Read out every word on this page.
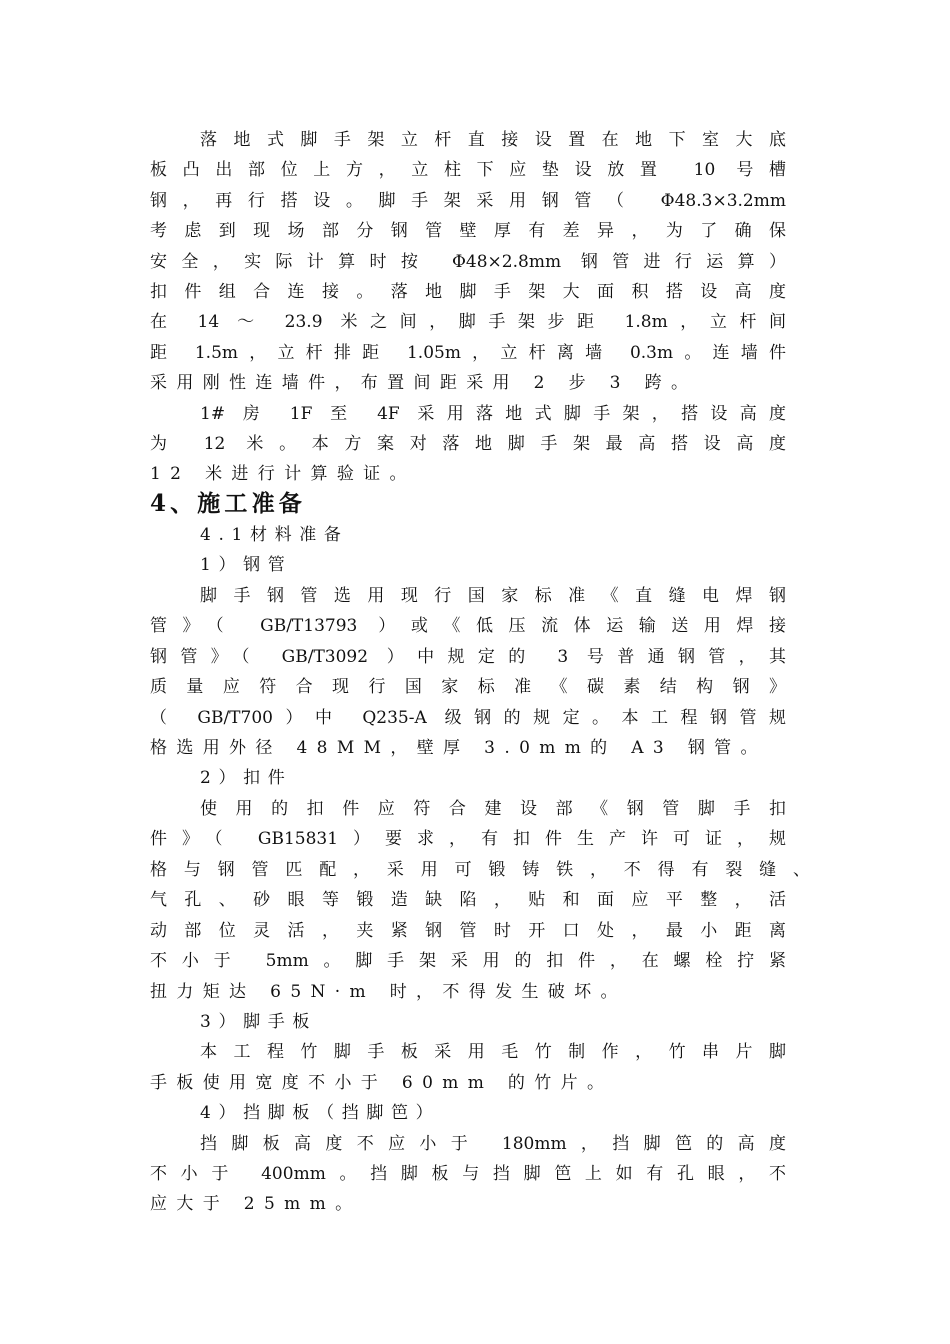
落地式脚手架立杆直接设置在地下室大底
板凸出部位上方，立柱下应垫设放置 10 号槽
钢，再行搭设。脚手架采用钢管（ Φ48.3×3.2mm
考虑到现场部分钢管壁厚有差异，为了确保
安全，实际计算时按 Φ48×2.8mm 钢管进行运算）
扣件组合连接。落地脚手架大面积搭设高度
在 14 ～ 23.9 米之间，脚手架步距 1.8m，立杆间
距 1.5m，立杆排距 1.05m，立杆离墙 0.3m。连墙件
采用刚性连墙件，布置间距采用 2 步 3 跨。
1# 房 1F 至 4F 采用落地式脚手架，搭设高度
为 12 米。本方案对落地脚手架最高搭设高度
12 米进行计算验证。
4、施工准备
4.1材料准备
1）钢管
脚手钢管选用现行国家标准《直缝电焊钢
管》（ GB/T13793 ）或《低压流体运输送用焊接
钢管》（ GB/T3092 ）中规定的 3 号普通钢管，其
质量应符合现行国家标准《碳素结构钢》
（ GB/T700）中 Q235-A 级钢的规定。本工程钢管规
格选用外径 48MM，壁厚 3.0mm的 A3 钢管。
2）扣件
使用的扣件应符合建设部《钢管脚手扣
件》（ GB15831）要求，有扣件生产许可证，规
格与钢管匹配，采用可锻铸铁，不得有裂缝、
气孔、砂眼等锻造缺陷，贴和面应平整，活
动部位灵活，夹紧钢管时开口处，最小距离
不小于 5mm。脚手架采用的扣件，在螺栓拧紧
扭力矩达 65N·m 时，不得发生破坏。
3）脚手板
本工程竹脚手板采用毛竹制作，竹串片脚
手板使用宽度不小于 60mm 的竹片。
4）挡脚板（挡脚笆）
挡脚板高度不应小于 180mm，挡脚笆的高度
不小于 400mm。挡脚板与挡脚笆上如有孔眼，不
应大于 25mm。
